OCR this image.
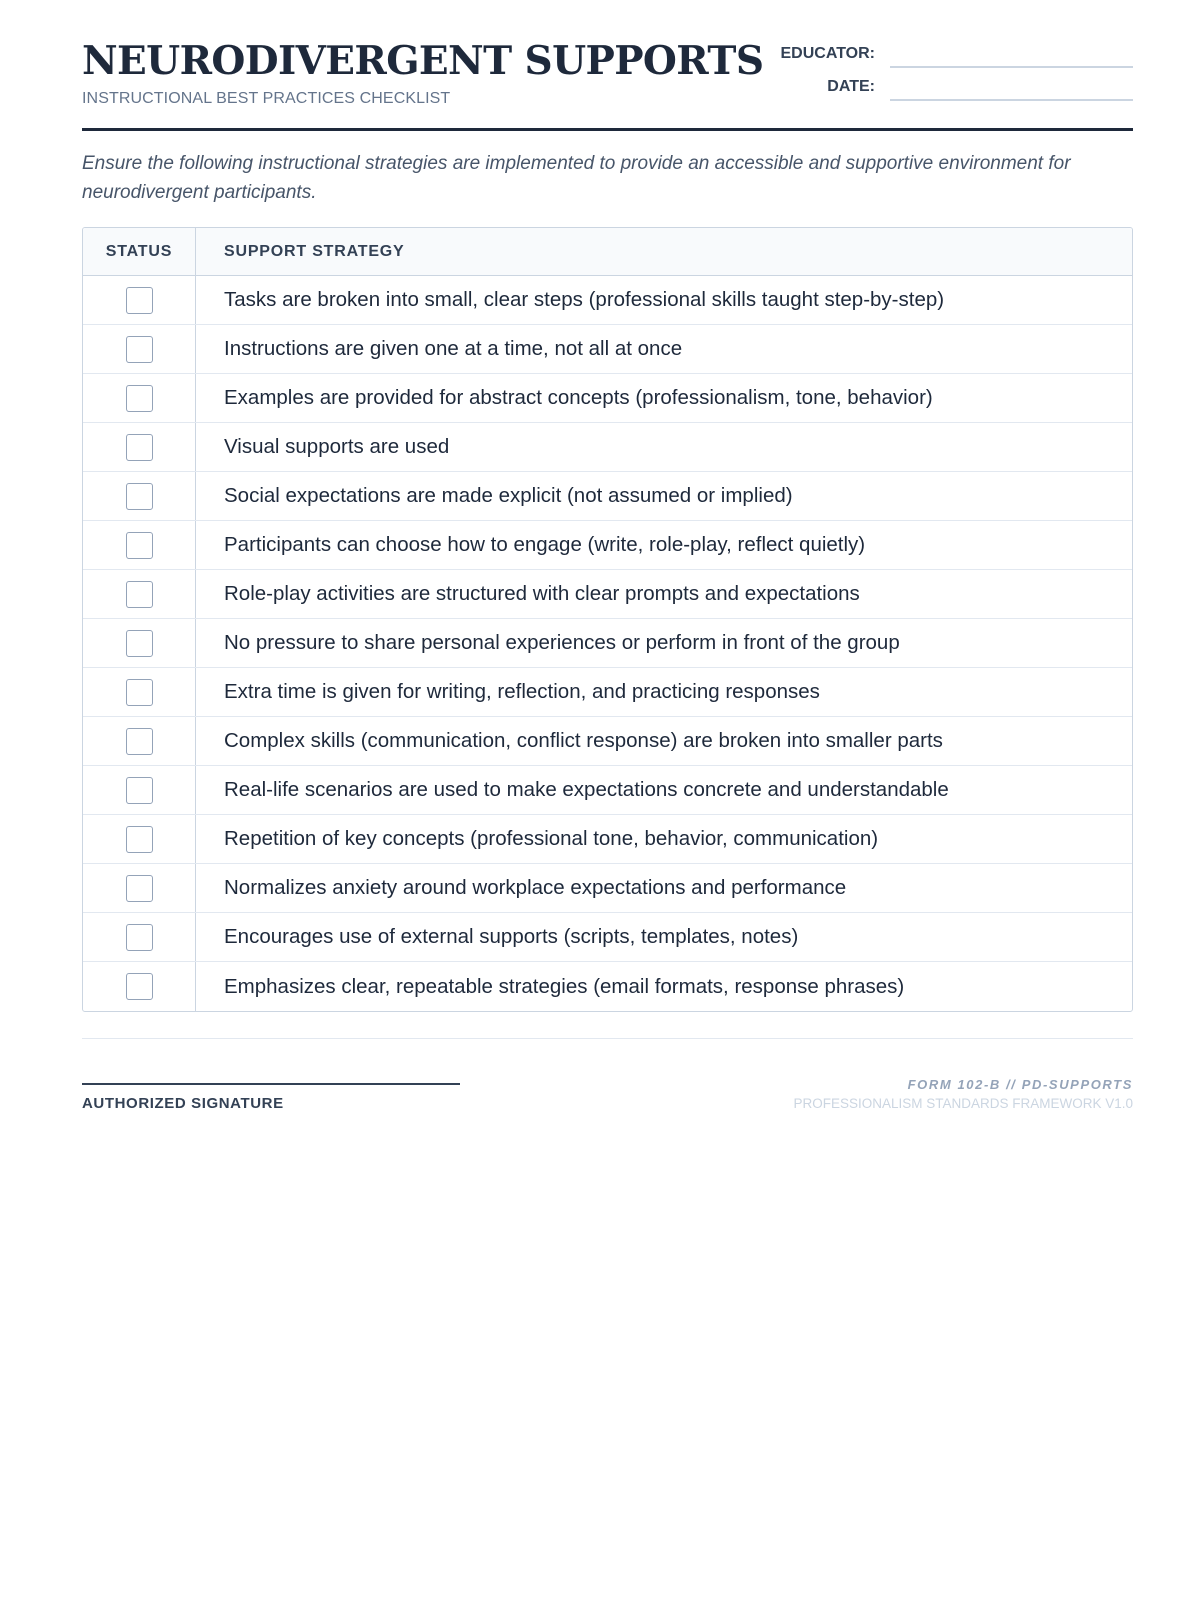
NEURODIVERGENT SUPPORTS
INSTRUCTIONAL BEST PRACTICES CHECKLIST
EDUCATOR:
DATE:

Ensure the following instructional strategies are implemented to provide an accessible and supportive environment for neurodivergent participants.

STATUS	SUPPORT STRATEGY
Tasks are broken into small, clear steps (professional skills taught step-by-step)
Instructions are given one at a time, not all at once
Examples are provided for abstract concepts (professionalism, tone, behavior)
Visual supports are used
Social expectations are made explicit (not assumed or implied)
Participants can choose how to engage (write, role-play, reflect quietly)
Role-play activities are structured with clear prompts and expectations
No pressure to share personal experiences or perform in front of the group
Extra time is given for writing, reflection, and practicing responses
Complex skills (communication, conflict response) are broken into smaller parts
Real-life scenarios are used to make expectations concrete and understandable
Repetition of key concepts (professional tone, behavior, communication)
Normalizes anxiety around workplace expectations and performance
Encourages use of external supports (scripts, templates, notes)
Emphasizes clear, repeatable strategies (email formats, response phrases)
AUTHORIZED SIGNATURE
FORM 102-B // PD-SUPPORTS
PROFESSIONALISM STANDARDS FRAMEWORK V1.0
